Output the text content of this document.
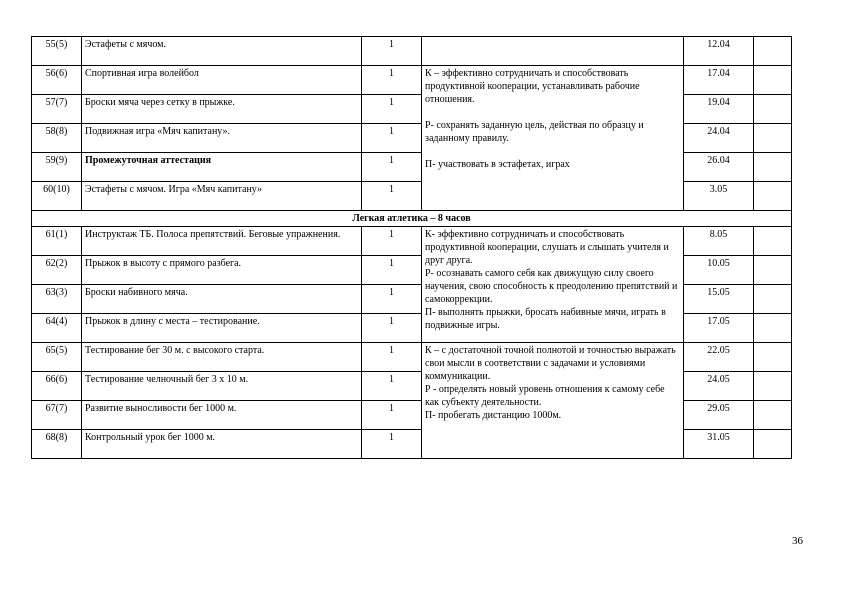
55(5)	Эстафеты с мячом.	1		12.04	
56(6)	Спортивная игра волейбол	1	К – эффективно сотрудничать и способствовать продуктивной кооперации, устанавливать рабочие отношения.

Р- сохранять заданную цель, действая по образцу и заданному правилу.

П- участвовать в эстафетах, играх	17.04	
57(7)	Броски мяча через сетку в прыжке.	1		19.04	
58(8)	Подвижная игра «Мяч капитану».	1		24.04	
59(9)	Промежуточная аттестация	1		26.04	
60(10)	Эстафеты с мячом. Игра «Мяч капитану»	1		3.05	
Легкая атлетика – 8 часов					
61(1)	Инструктаж ТБ. Полоса препятствий. Беговые упражнения.	1	К- эффективно сотрудничать и способствовать продуктивной кооперации, слушать и слышать учителя и друг друга.
Р- осознавать самого себя как движущую силу своего научения, свою способность к преодолению препятствий и самокоррекции.
П- выполнять прыжки, бросать набивные мячи, играть в подвижные игры.	8.05	
62(2)	Прыжок в высоту с прямого разбега.	1		10.05	
63(3)	Броски набивного мяча.	1		15.05	
64(4)	Прыжок в длину с места – тестирование.	1		17.05	
65(5)	Тестирование бег 30 м. с высокого старта.	1	К – с достаточной точной полнотой и точностью выражать свои мысли в соответствии с задачами и условиями коммуникации.
Р - определять новый уровень отношения к самому себе как субъекту деятельности.
П- пробегать дистанцию 1000м.	22.05	
66(6)	Тестирование челночный бег 3 х 10 м.	1		24.05	
67(7)	Развитие выносливости бег 1000 м.	1		29.05	
68(8)	Контрольный урок бег 1000 м.	1		31.05	
36
